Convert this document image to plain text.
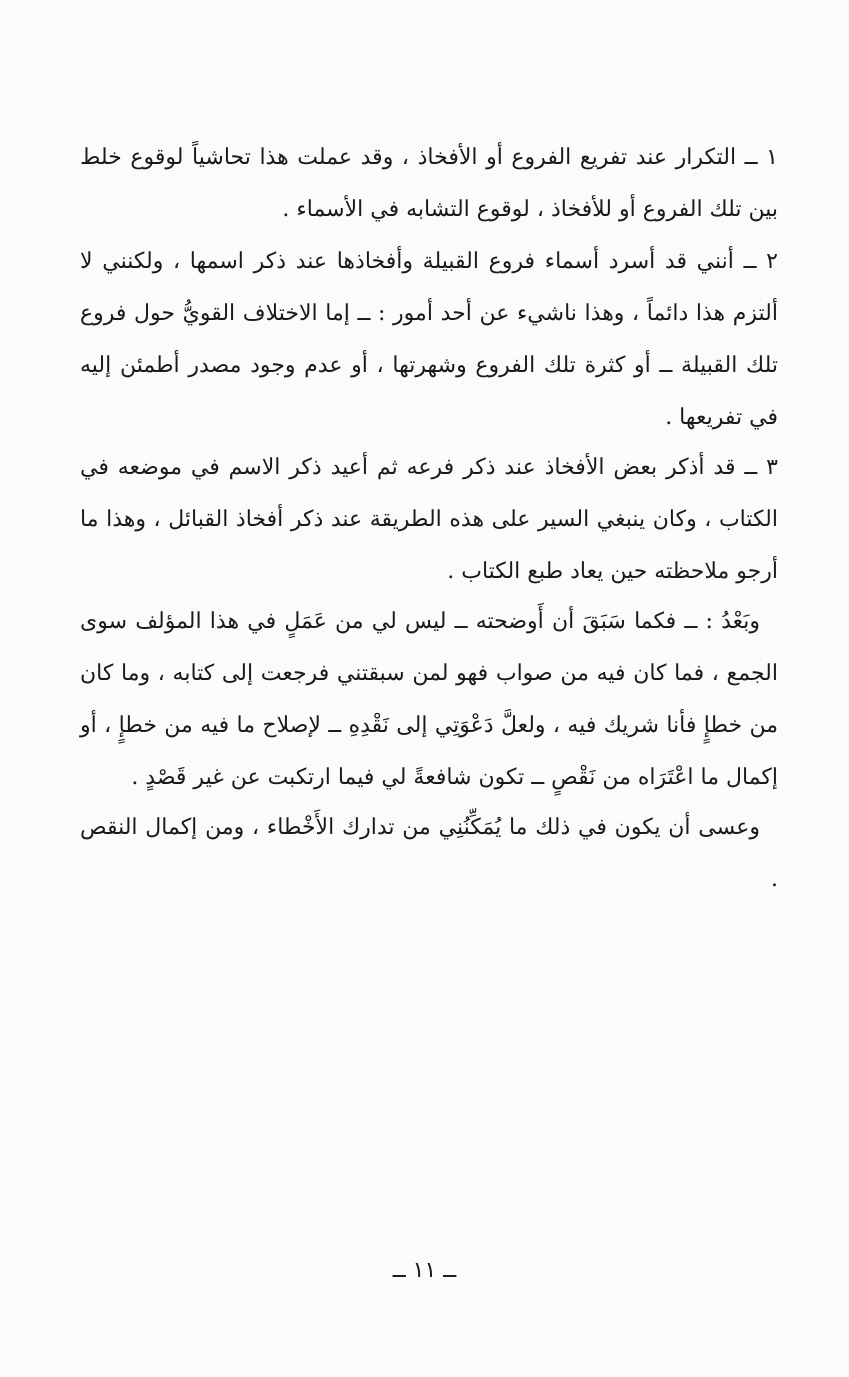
١ ــ التكرار عند تفريع الفروع أو الأفخاذ ، وقد عملت هذا تحاشياً لوقوع خلط بين تلك الفروع أو للأفخاذ ، لوقوع التشابه في الأسماء .

٢ ــ أنني قد أسرد أسماء فروع القبيلة وأفخاذها عند ذكر اسمها ، ولكنني لا ألتزم هذا دائماً ، وهذا ناشيء عن أحد أمور : ــ إما الاختلاف القويُّ حول فروع تلك القبيلة ــ أو كثرة تلك الفروع وشهرتها ، أو عدم وجود مصدر أطمئن إليه في تفريعها .

٣ ــ قد أذكر بعض الأفخاذ عند ذكر فرعه ثم أعيد ذكر الاسم في موضعه في الكتاب ، وكان ينبغي السير على هذه الطريقة عند ذكر أفخاذ القبائل ، وهذا ما أرجو ملاحظته حين يعاد طبع الكتاب .

وبَعْدُ : ــ فكما سَبَقَ أن أَوضحته ــ ليس لي من عَمَلٍ في هذا المؤلف سوى الجمع ، فما كان فيه من صواب فهو لمن سبقتني فرجعت إلى كتابه ، وما كان من خطإٍ فأنا شريك فيه ، ولعلَّ دَعْوَتِي إلى نَقْدِهِ ــ لإصلاح ما فيه من خطإٍ ، أو إكمال ما اعْتَرَاه من نَقْصٍ ــ تكون شافعةً لي فيما ارتكبت عن غير قَصْدٍ .

وعسى أن يكون في ذلك ما يُمَكِّنُنِي من تدارك الأَخْطاء ، ومن إكمال النقص .

ــ ١١ ــ
